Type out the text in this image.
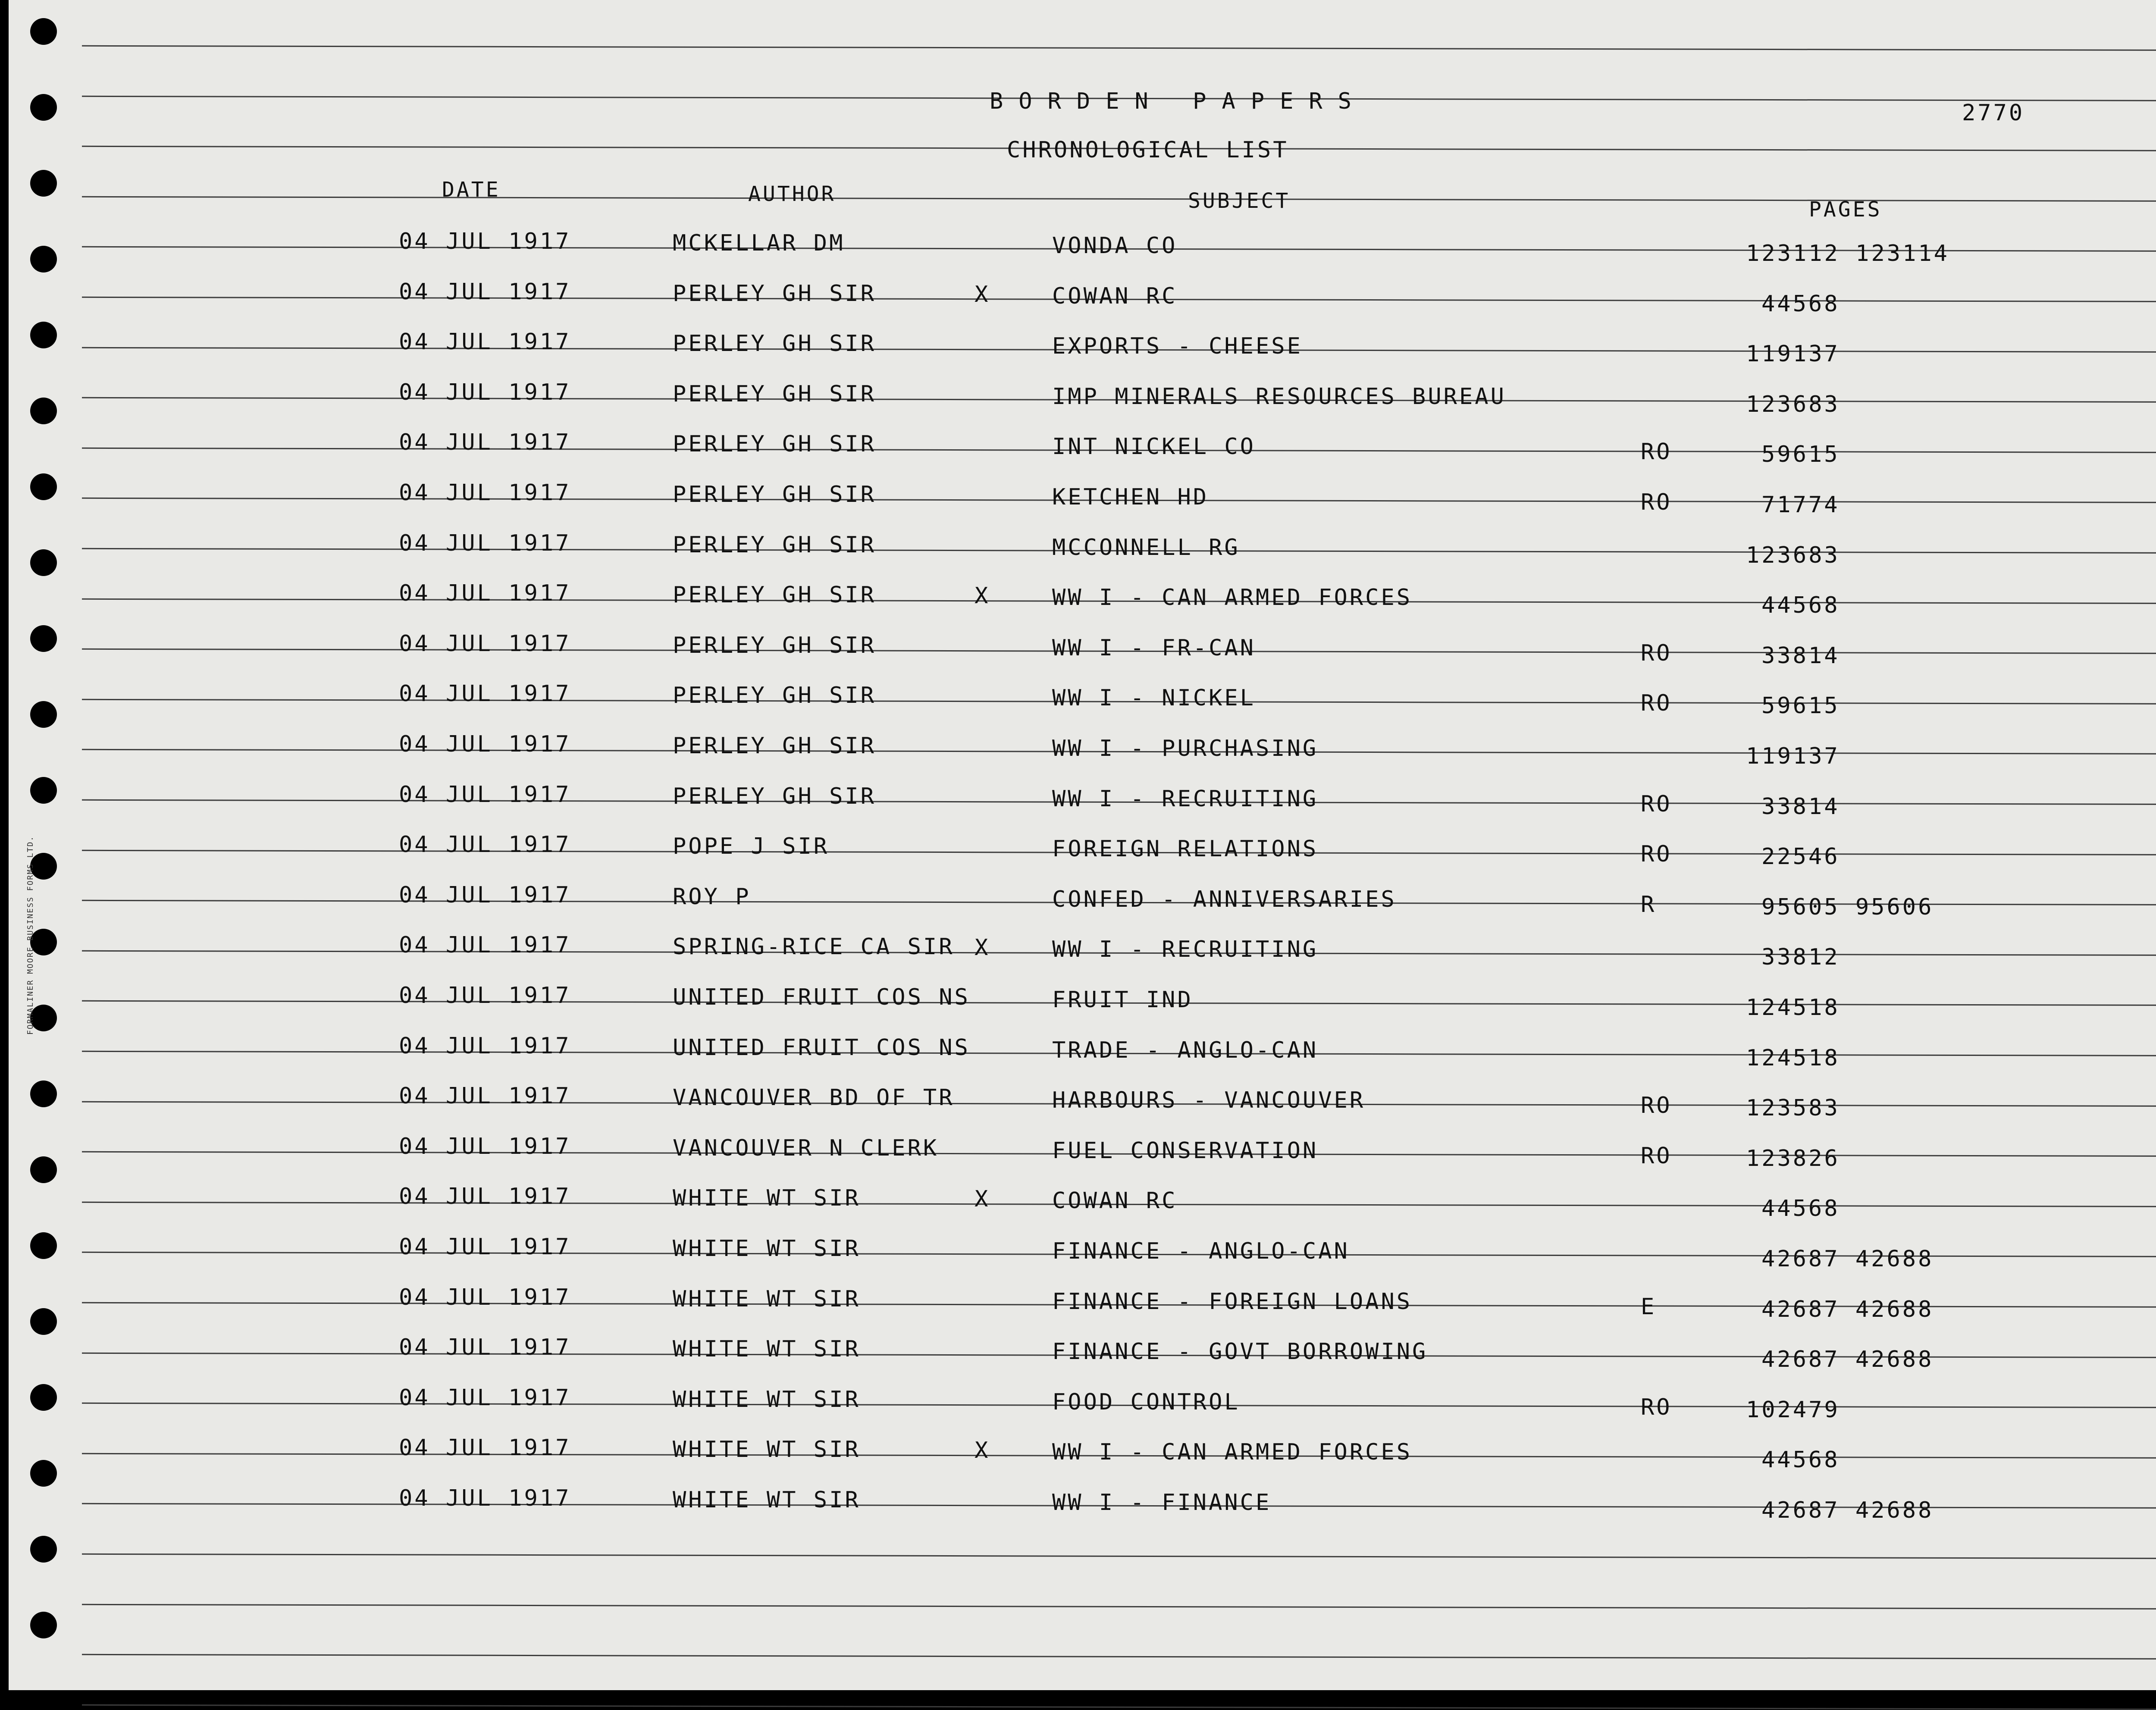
FORMALINER MOORE BUSINESS FORMS LTD.
BORDEN PAPERS	2770
CHRONOLOGICAL LIST
DATE	AUTHOR	SUBJECT	PAGES
04 JUL 1917	MCKELLAR DM	VONDA CO	123112 123114
04 JUL 1917	PERLEY GH SIR	X	COWAN RC	44568
04 JUL 1917	PERLEY GH SIR	EXPORTS - CHEESE	119137
04 JUL 1917	PERLEY GH SIR	IMP MINERALS RESOURCES BUREAU	123683
04 JUL 1917	PERLEY GH SIR	INT NICKEL CO	RO	59615
04 JUL 1917	PERLEY GH SIR	KETCHEN HD	RO	71774
04 JUL 1917	PERLEY GH SIR	MCCONNELL RG	123683
04 JUL 1917	PERLEY GH SIR	X	WW I - CAN ARMED FORCES	44568
04 JUL 1917	PERLEY GH SIR	WW I - FR-CAN	RO	33814
04 JUL 1917	PERLEY GH SIR	WW I - NICKEL	RO	59615
04 JUL 1917	PERLEY GH SIR	WW I - PURCHASING	119137
04 JUL 1917	PERLEY GH SIR	WW I - RECRUITING	RO	33814
04 JUL 1917	POPE J SIR	FOREIGN RELATIONS	RO	22546
04 JUL 1917	ROY P	CONFED - ANNIVERSARIES	R	95605 95606
04 JUL 1917	SPRING-RICE CA SIR X	WW I - RECRUITING	33812
04 JUL 1917	UNITED FRUIT COS NS	FRUIT IND	124518
04 JUL 1917	UNITED FRUIT COS NS	TRADE - ANGLO-CAN	124518
04 JUL 1917	VANCOUVER BD OF TR	HARBOURS - VANCOUVER	RO	123583
04 JUL 1917	VANCOUVER N CLERK	FUEL CONSERVATION	RO	123826
04 JUL 1917	WHITE WT SIR	X	COWAN RC	44568
04 JUL 1917	WHITE WT SIR	FINANCE - ANGLO-CAN	42687 42688
04 JUL 1917	WHITE WT SIR	FINANCE - FOREIGN LOANS	E	42687 42688
04 JUL 1917	WHITE WT SIR	FINANCE - GOVT BORROWING	42687 42688
04 JUL 1917	WHITE WT SIR	FOOD CONTROL	RO	102479
04 JUL 1917	WHITE WT SIR	X	WW I - CAN ARMED FORCES	44568
04 JUL 1917	WHITE WT SIR	WW I - FINANCE	42687 42688
